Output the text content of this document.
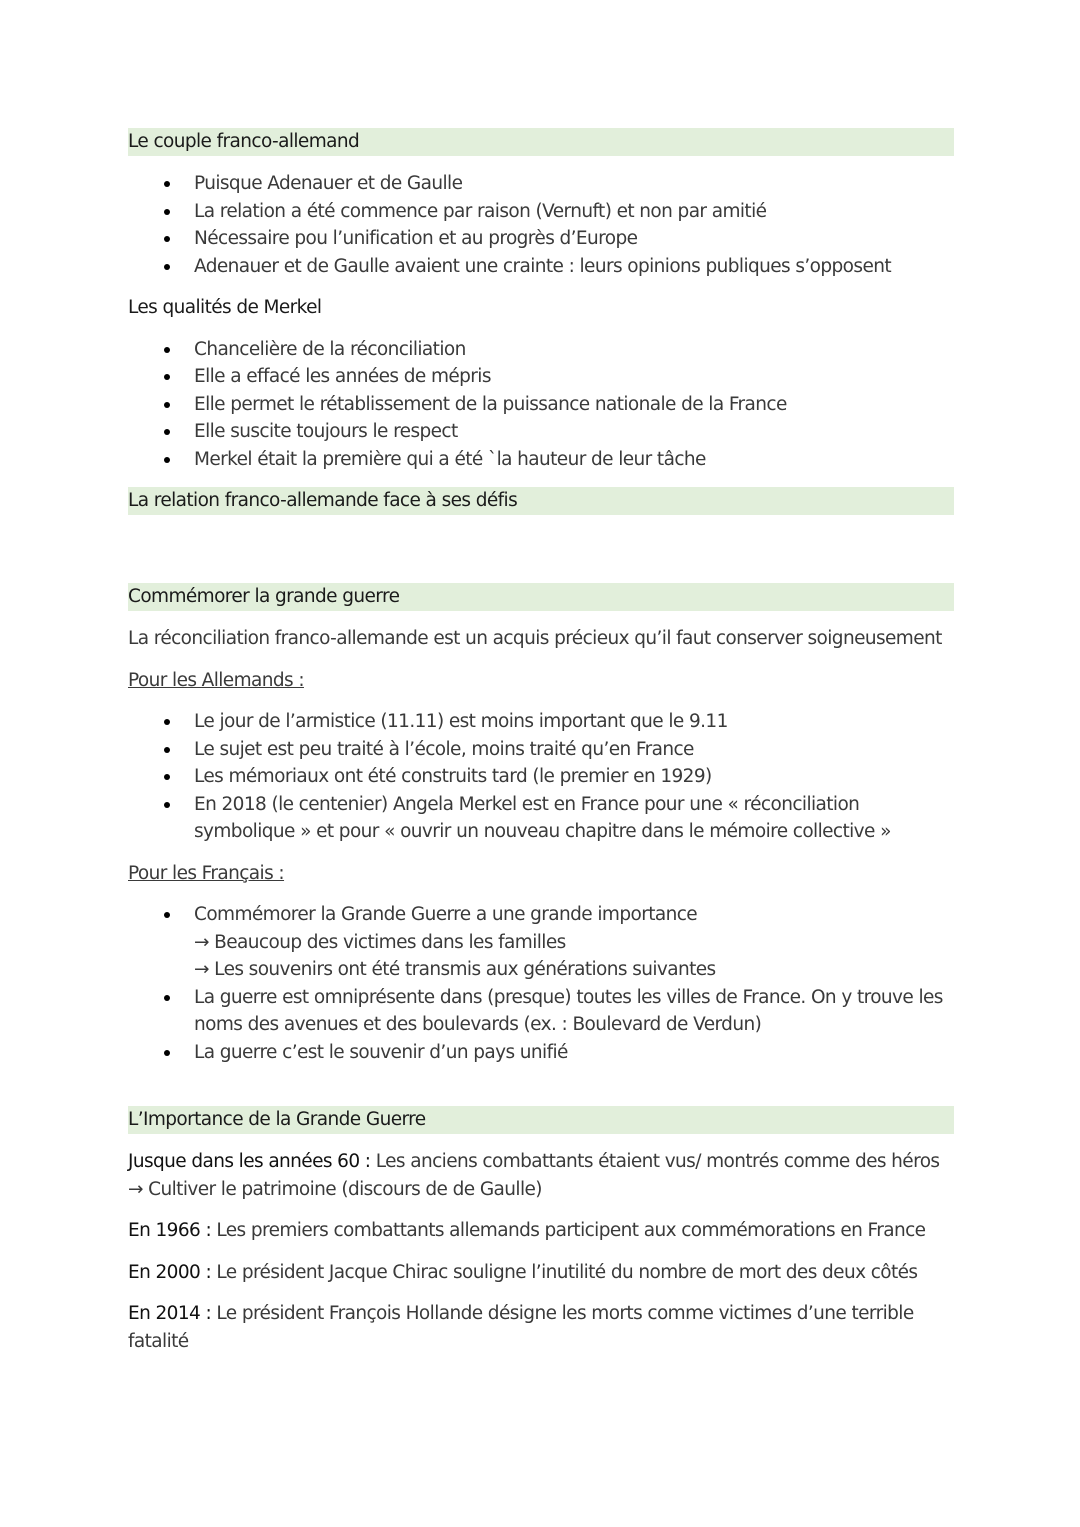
Le couple franco-allemand
Puisque Adenauer et de Gaulle
La relation a été commence par raison (Vernuft) et non par amitié
Nécessaire pou l’unification et au progrès d’Europe
Adenauer et de Gaulle avaient une crainte : leurs opinions publiques s’opposent
Les qualités de Merkel
Chancelière de la réconciliation
Elle a effacé les années de mépris
Elle permet le rétablissement de la puissance nationale de la France
Elle suscite toujours le respect
Merkel était la première qui a été `la hauteur de leur tâche
La relation franco-allemande face à ses défis
Commémorer la grande guerre

La réconciliation franco-allemande est un acquis précieux qu’il faut conserver soigneusement

Pour les Allemands :
Le jour de l’armistice (11.11) est moins important que le 9.11
Le sujet est peu traité à l’école, moins traité qu’en France
Les mémoriaux ont été construits tard (le premier en 1929)
En 2018 (le centenier) Angela Merkel est en France pour une « réconciliation symbolique » et pour « ouvrir un nouveau chapitre dans le mémoire collective »
Pour les Français :
Commémorer la Grande Guerre a une grande importance
→ Beaucoup des victimes dans les familles
→ Les souvenirs ont été transmis aux générations suivantes
La guerre est omniprésente dans (presque) toutes les villes de France. On y trouve les noms des avenues et des boulevards (ex. : Boulevard de Verdun)
La guerre c’est le souvenir d’un pays unifié
L’Importance de la Grande Guerre

Jusque dans les années 60 : Les anciens combattants étaient vus/ montrés comme des héros → Cultiver le patrimoine (discours de de Gaulle)

En 1966 : Les premiers combattants allemands participent aux commémorations en France

En 2000 : Le président Jacque Chirac souligne l’inutilité du nombre de mort des deux côtés

En 2014 : Le président François Hollande désigne les morts comme victimes d’une terrible fatalité
